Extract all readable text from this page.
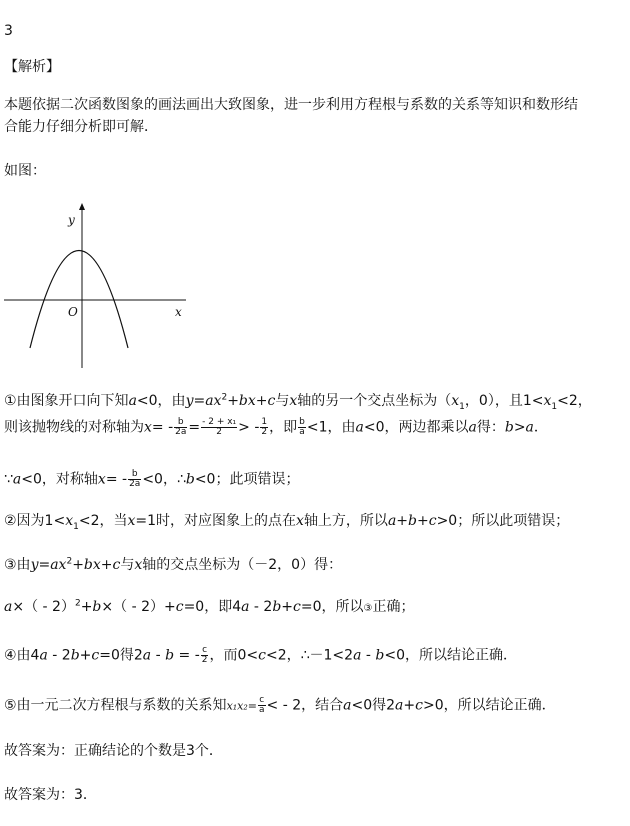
3
【解析】
本题依据二次函数图象的画法画出大致图象，进一步利用方程根与系数的关系等知识和数形结
合能力仔细分析即可解．
如图：
y
x
O
①由图象开口向下知a<0，由$y=ax^2+bx+c$与x轴的另一个交点坐标为（$x_1$，0），且$1<x_1<2$，
则该抛物线的对称轴为$x= - \frac{b}{2a} = \frac{\text{- 2 + x₁}}{2}$ > - $\frac{1}{2}$ ，即 $\frac{b}{a} <1$，由a<0，两边都乘以a得：b>a．
∵a<0，对称轴$x= - \frac{b}{2a} <0$，∴b<0；此项错误；
②因为$1<x_1<2$，当x=1时，对应图象上的点在x轴上方，所以a+b+c>0；所以此项错误；
③由$y=ax^2+bx+c$与x轴的交点坐标为（－2，0）得：
a×（ - 2）$^2$+b×（ - 2）+c=0，即4a - 2b+c=0，所以③正确；
④由4a - 2b+c=0得2a - b = - $\frac{c}{2}$ ，而0<c<2，∴－1<2a - b<0，所以结论正确．
⑤由一元二次方程根与系数的关系知$x_1x_2= \frac{c}{a}$ < - 2，结合a<0得2a+c>0，所以结论正确．
故答案为：正确结论的个数是3个．
故答案为：3．
